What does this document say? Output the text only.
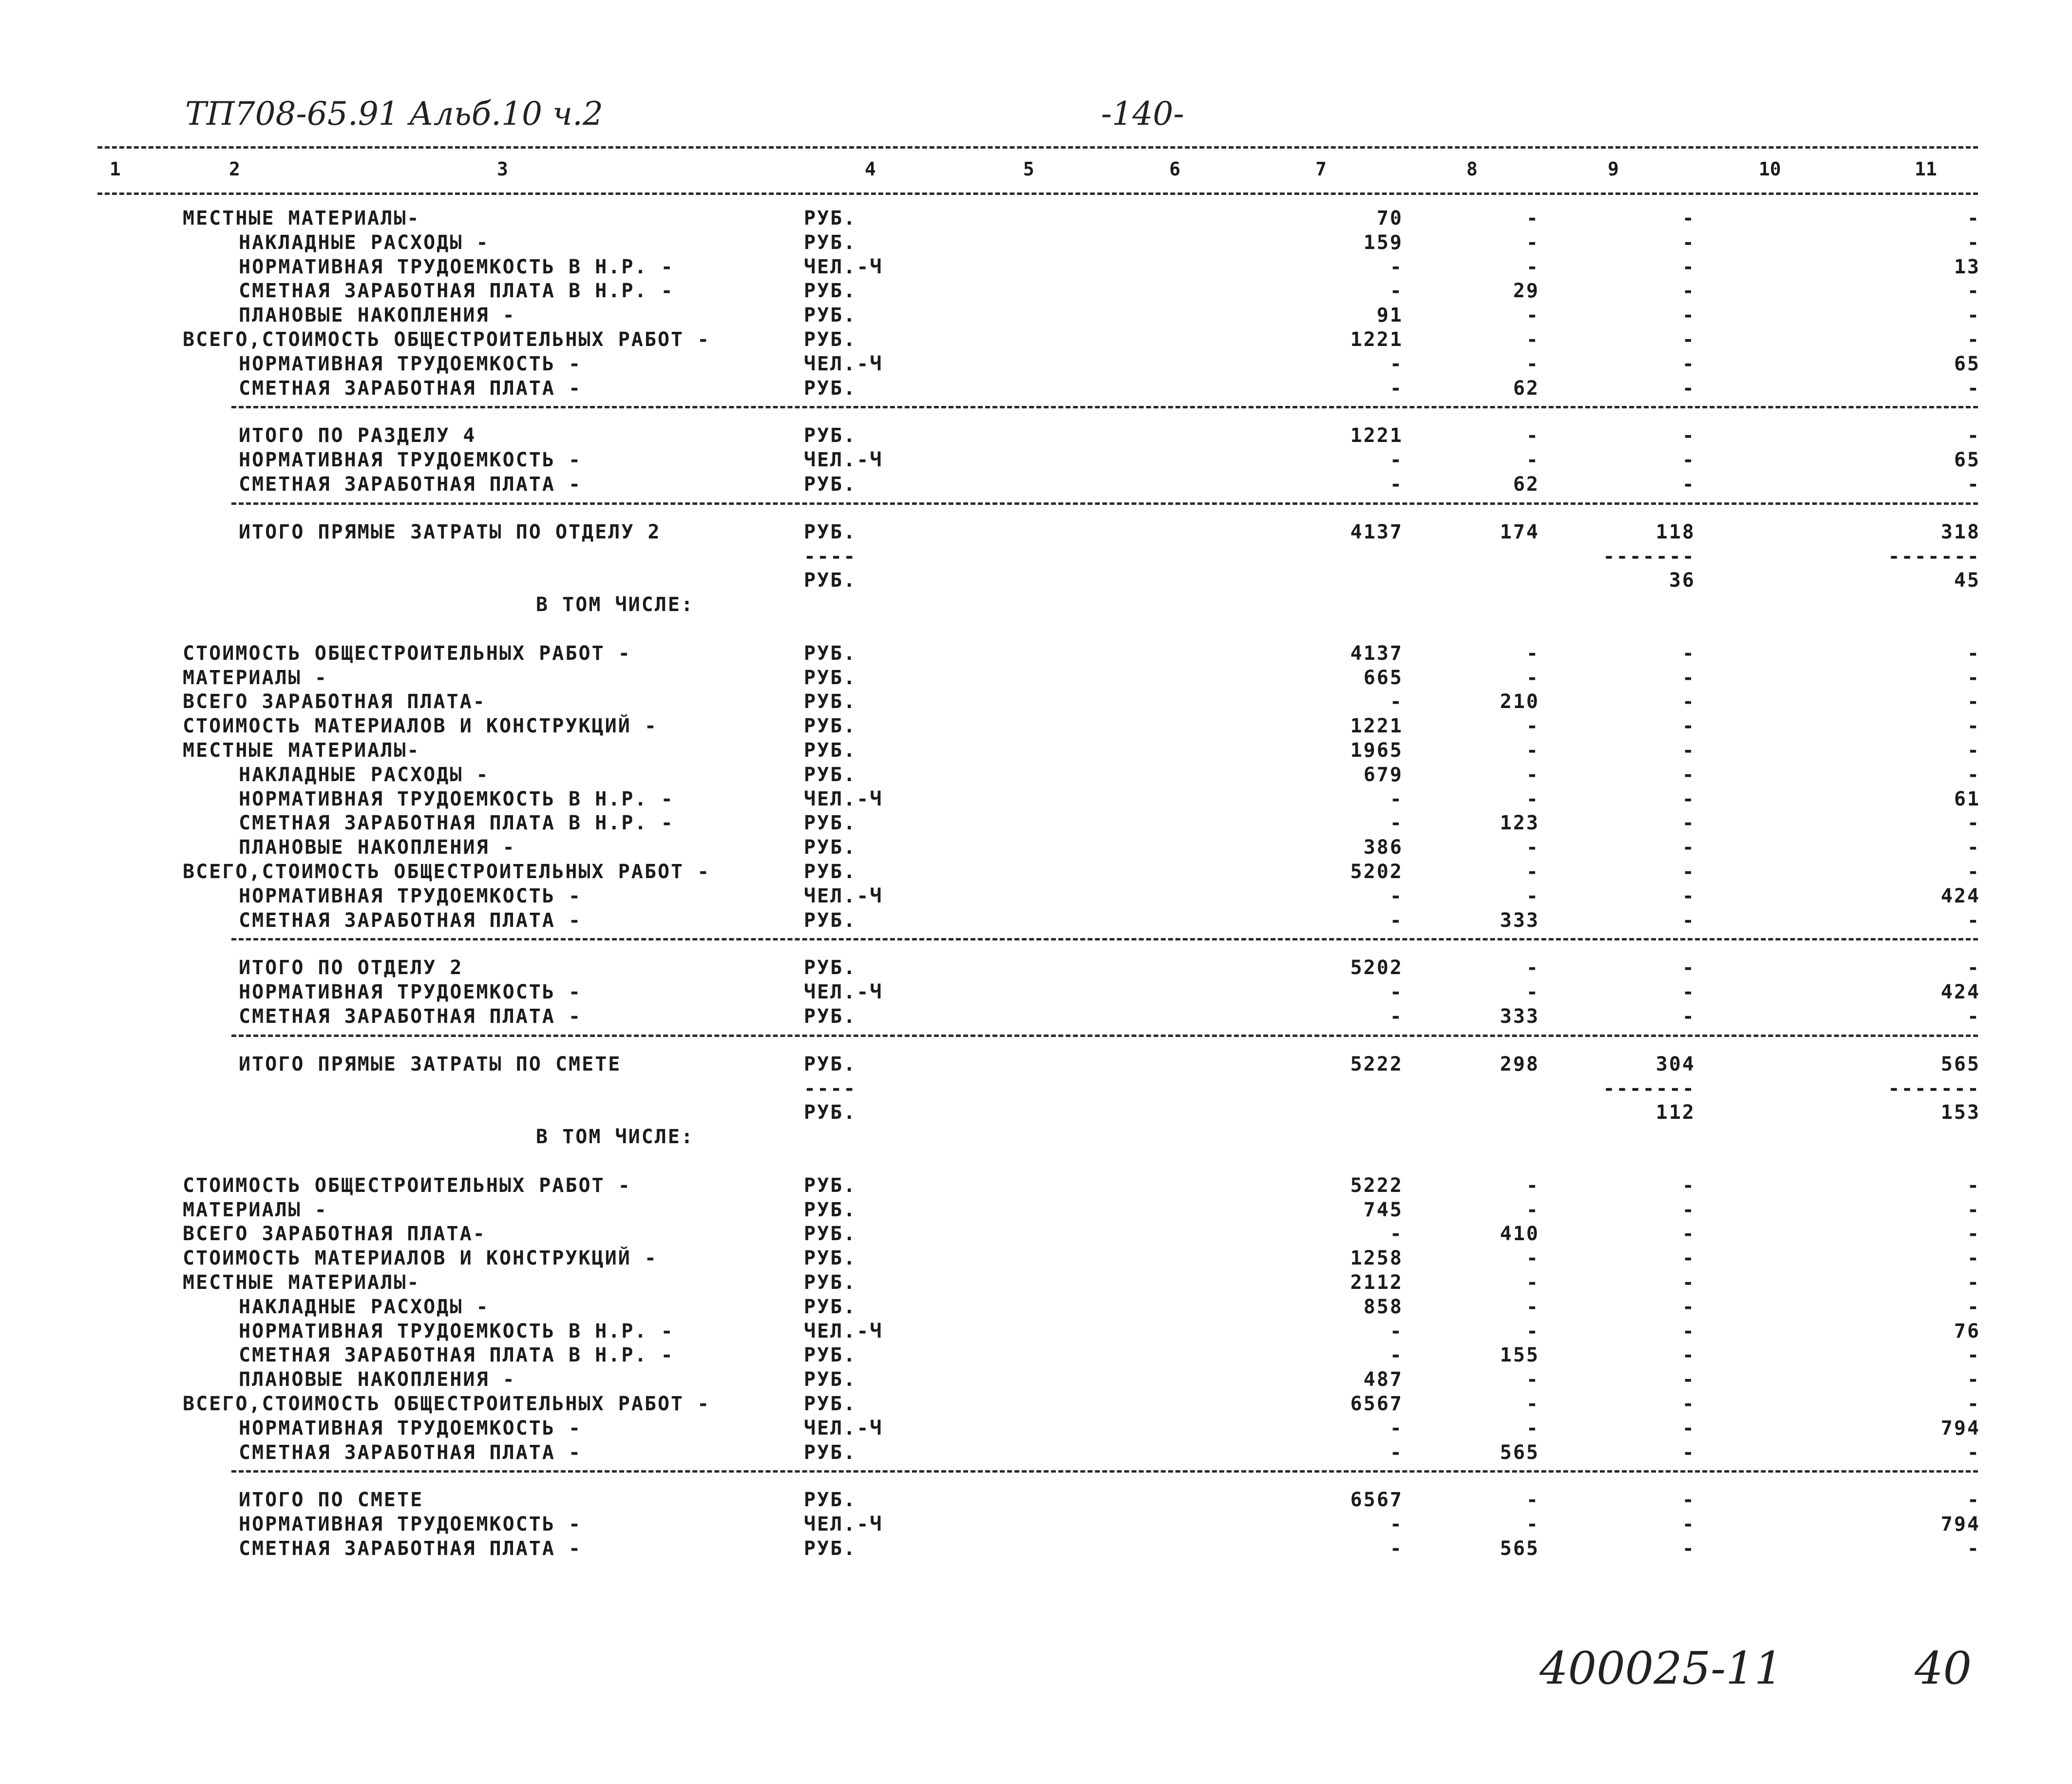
ТП708-65.91 Альб.10 ч.2	-140-
1	2	3	4	5	6	7	8	9	10	11
МЕСТНЫЕ МАТЕРИАЛЫ-	РУБ.	70	-	-	-
НАКЛАДНЫЕ РАСХОДЫ -	РУБ.	159	-	-	-
НОРМАТИВНАЯ ТРУДОЕМКОСТЬ В Н.Р. -	ЧЕЛ.-Ч	-	-	-	13
СМЕТНАЯ ЗАРАБОТНАЯ ПЛАТА В Н.Р. -	РУБ.	-	29	-	-
ПЛАНОВЫЕ НАКОПЛЕНИЯ -	РУБ.	91	-	-	-
ВСЕГО,СТОИМОСТЬ ОБЩЕСТРОИТЕЛЬНЫХ РАБОТ -	РУБ.	1221	-	-	-
НОРМАТИВНАЯ ТРУДОЕМКОСТЬ -	ЧЕЛ.-Ч	-	-	-	65
СМЕТНАЯ ЗАРАБОТНАЯ ПЛАТА -	РУБ.	-	62	-	-
ИТОГО ПО РАЗДЕЛУ 4	РУБ.	1221	-	-	-
НОРМАТИВНАЯ ТРУДОЕМКОСТЬ -	ЧЕЛ.-Ч	-	-	-	65
СМЕТНАЯ ЗАРАБОТНАЯ ПЛАТА -	РУБ.	-	62	-	-
ИТОГО ПРЯМЫЕ ЗАТРАТЫ ПО ОТДЕЛУ 2	РУБ.	4137	174	118	318
----	-------	-------
РУБ.	36	45
В ТОМ ЧИСЛЕ:
СТОИМОСТЬ ОБЩЕСТРОИТЕЛЬНЫХ РАБОТ -	РУБ.	4137	-	-	-
МАТЕРИАЛЫ -	РУБ.	665	-	-	-
ВСЕГО ЗАРАБОТНАЯ ПЛАТА-	РУБ.	-	210	-	-
СТОИМОСТЬ МАТЕРИАЛОВ И КОНСТРУКЦИЙ -	РУБ.	1221	-	-	-
МЕСТНЫЕ МАТЕРИАЛЫ-	РУБ.	1965	-	-	-
НАКЛАДНЫЕ РАСХОДЫ -	РУБ.	679	-	-	-
НОРМАТИВНАЯ ТРУДОЕМКОСТЬ В Н.Р. -	ЧЕЛ.-Ч	-	-	-	61
СМЕТНАЯ ЗАРАБОТНАЯ ПЛАТА В Н.Р. -	РУБ.	-	123	-	-
ПЛАНОВЫЕ НАКОПЛЕНИЯ -	РУБ.	386	-	-	-
ВСЕГО,СТОИМОСТЬ ОБЩЕСТРОИТЕЛЬНЫХ РАБОТ -	РУБ.	5202	-	-	-
НОРМАТИВНАЯ ТРУДОЕМКОСТЬ -	ЧЕЛ.-Ч	-	-	-	424
СМЕТНАЯ ЗАРАБОТНАЯ ПЛАТА -	РУБ.	-	333	-	-
ИТОГО ПО ОТДЕЛУ 2	РУБ.	5202	-	-	-
НОРМАТИВНАЯ ТРУДОЕМКОСТЬ -	ЧЕЛ.-Ч	-	-	-	424
СМЕТНАЯ ЗАРАБОТНАЯ ПЛАТА -	РУБ.	-	333	-	-
ИТОГО ПРЯМЫЕ ЗАТРАТЫ ПО СМЕТЕ	РУБ.	5222	298	304	565
----	-------	-------
РУБ.	112	153
В ТОМ ЧИСЛЕ:
СТОИМОСТЬ ОБЩЕСТРОИТЕЛЬНЫХ РАБОТ -	РУБ.	5222	-	-	-
МАТЕРИАЛЫ -	РУБ.	745	-	-	-
ВСЕГО ЗАРАБОТНАЯ ПЛАТА-	РУБ.	-	410	-	-
СТОИМОСТЬ МАТЕРИАЛОВ И КОНСТРУКЦИЙ -	РУБ.	1258	-	-	-
МЕСТНЫЕ МАТЕРИАЛЫ-	РУБ.	2112	-	-	-
НАКЛАДНЫЕ РАСХОДЫ -	РУБ.	858	-	-	-
НОРМАТИВНАЯ ТРУДОЕМКОСТЬ В Н.Р. -	ЧЕЛ.-Ч	-	-	-	76
СМЕТНАЯ ЗАРАБОТНАЯ ПЛАТА В Н.Р. -	РУБ.	-	155	-	-
ПЛАНОВЫЕ НАКОПЛЕНИЯ -	РУБ.	487	-	-	-
ВСЕГО,СТОИМОСТЬ ОБЩЕСТРОИТЕЛЬНЫХ РАБОТ -	РУБ.	6567	-	-	-
НОРМАТИВНАЯ ТРУДОЕМКОСТЬ -	ЧЕЛ.-Ч	-	-	-	794
СМЕТНАЯ ЗАРАБОТНАЯ ПЛАТА -	РУБ.	-	565	-	-
ИТОГО ПО СМЕТЕ	РУБ.	6567	-	-	-
НОРМАТИВНАЯ ТРУДОЕМКОСТЬ -	ЧЕЛ.-Ч	-	-	-	794
СМЕТНАЯ ЗАРАБОТНАЯ ПЛАТА -	РУБ.	-	565	-	-
400025-11	40
